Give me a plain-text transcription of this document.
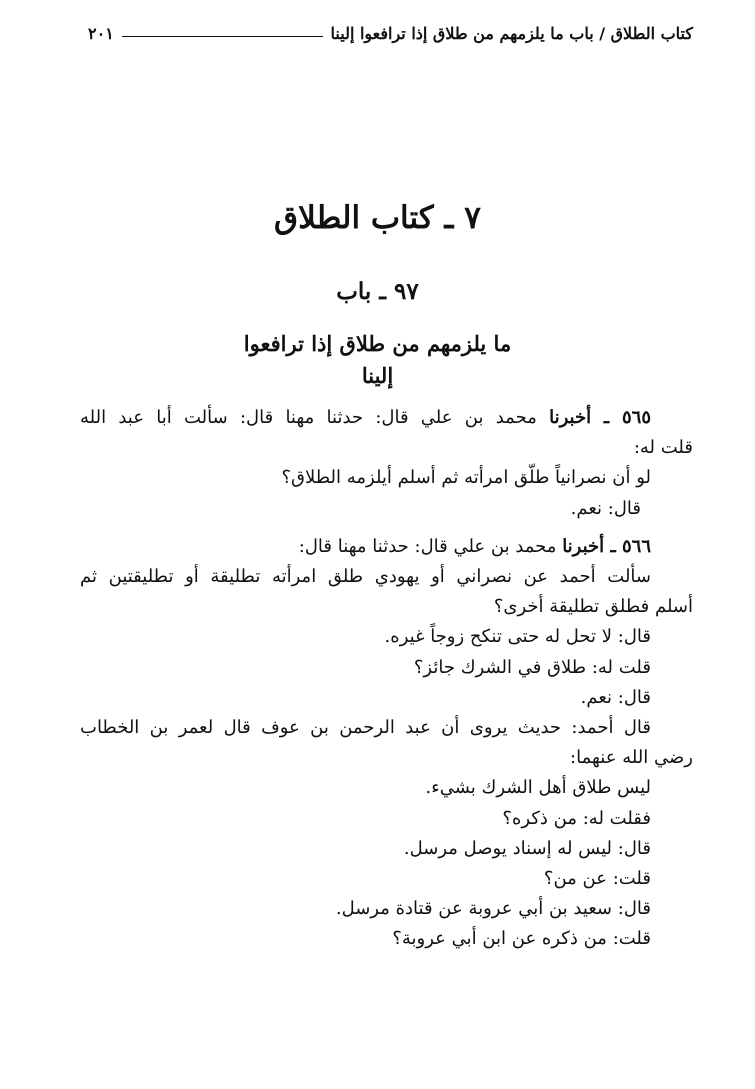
كتاب الطلاق / باب ما يلزمهم من طلاق إذا ترافعوا إلينا
٢٠١
٧ ـ كتاب الطلاق
٩٧ ـ باب
ما يلزمهم من طلاق إذا ترافعوا
إلينا
٥٦٥ ـ أخبرنا محمد بن علي قال: حدثنا مهنا قال: سألت أبا عبد الله
قلت له:
لو أن نصرانياً طلّق امرأته ثم أسلم أيلزمه الطلاق؟
قال: نعم.
٥٦٦ ـ أخبرنا محمد بن علي قال: حدثنا مهنا قال:
سألت أحمد عن نصراني أو يهودي طلق امرأته تطليقة أو تطليقتين ثم
أسلم فطلق تطليقة أخرى؟
قال: لا تحل له حتى تنكح زوجاً غيره.
قلت له: طلاق في الشرك جائز؟
قال: نعم.
قال أحمد: حديث يروى أن عبد الرحمن بن عوف قال لعمر بن الخطاب
رضي الله عنهما:
ليس طلاق أهل الشرك بشيء.
فقلت له: من ذكره؟
قال: ليس له إسناد يوصل مرسل.
قلت: عن من؟
قال: سعيد بن أبي عروبة عن قتادة مرسل.
قلت: من ذكره عن ابن أبي عروبة؟
